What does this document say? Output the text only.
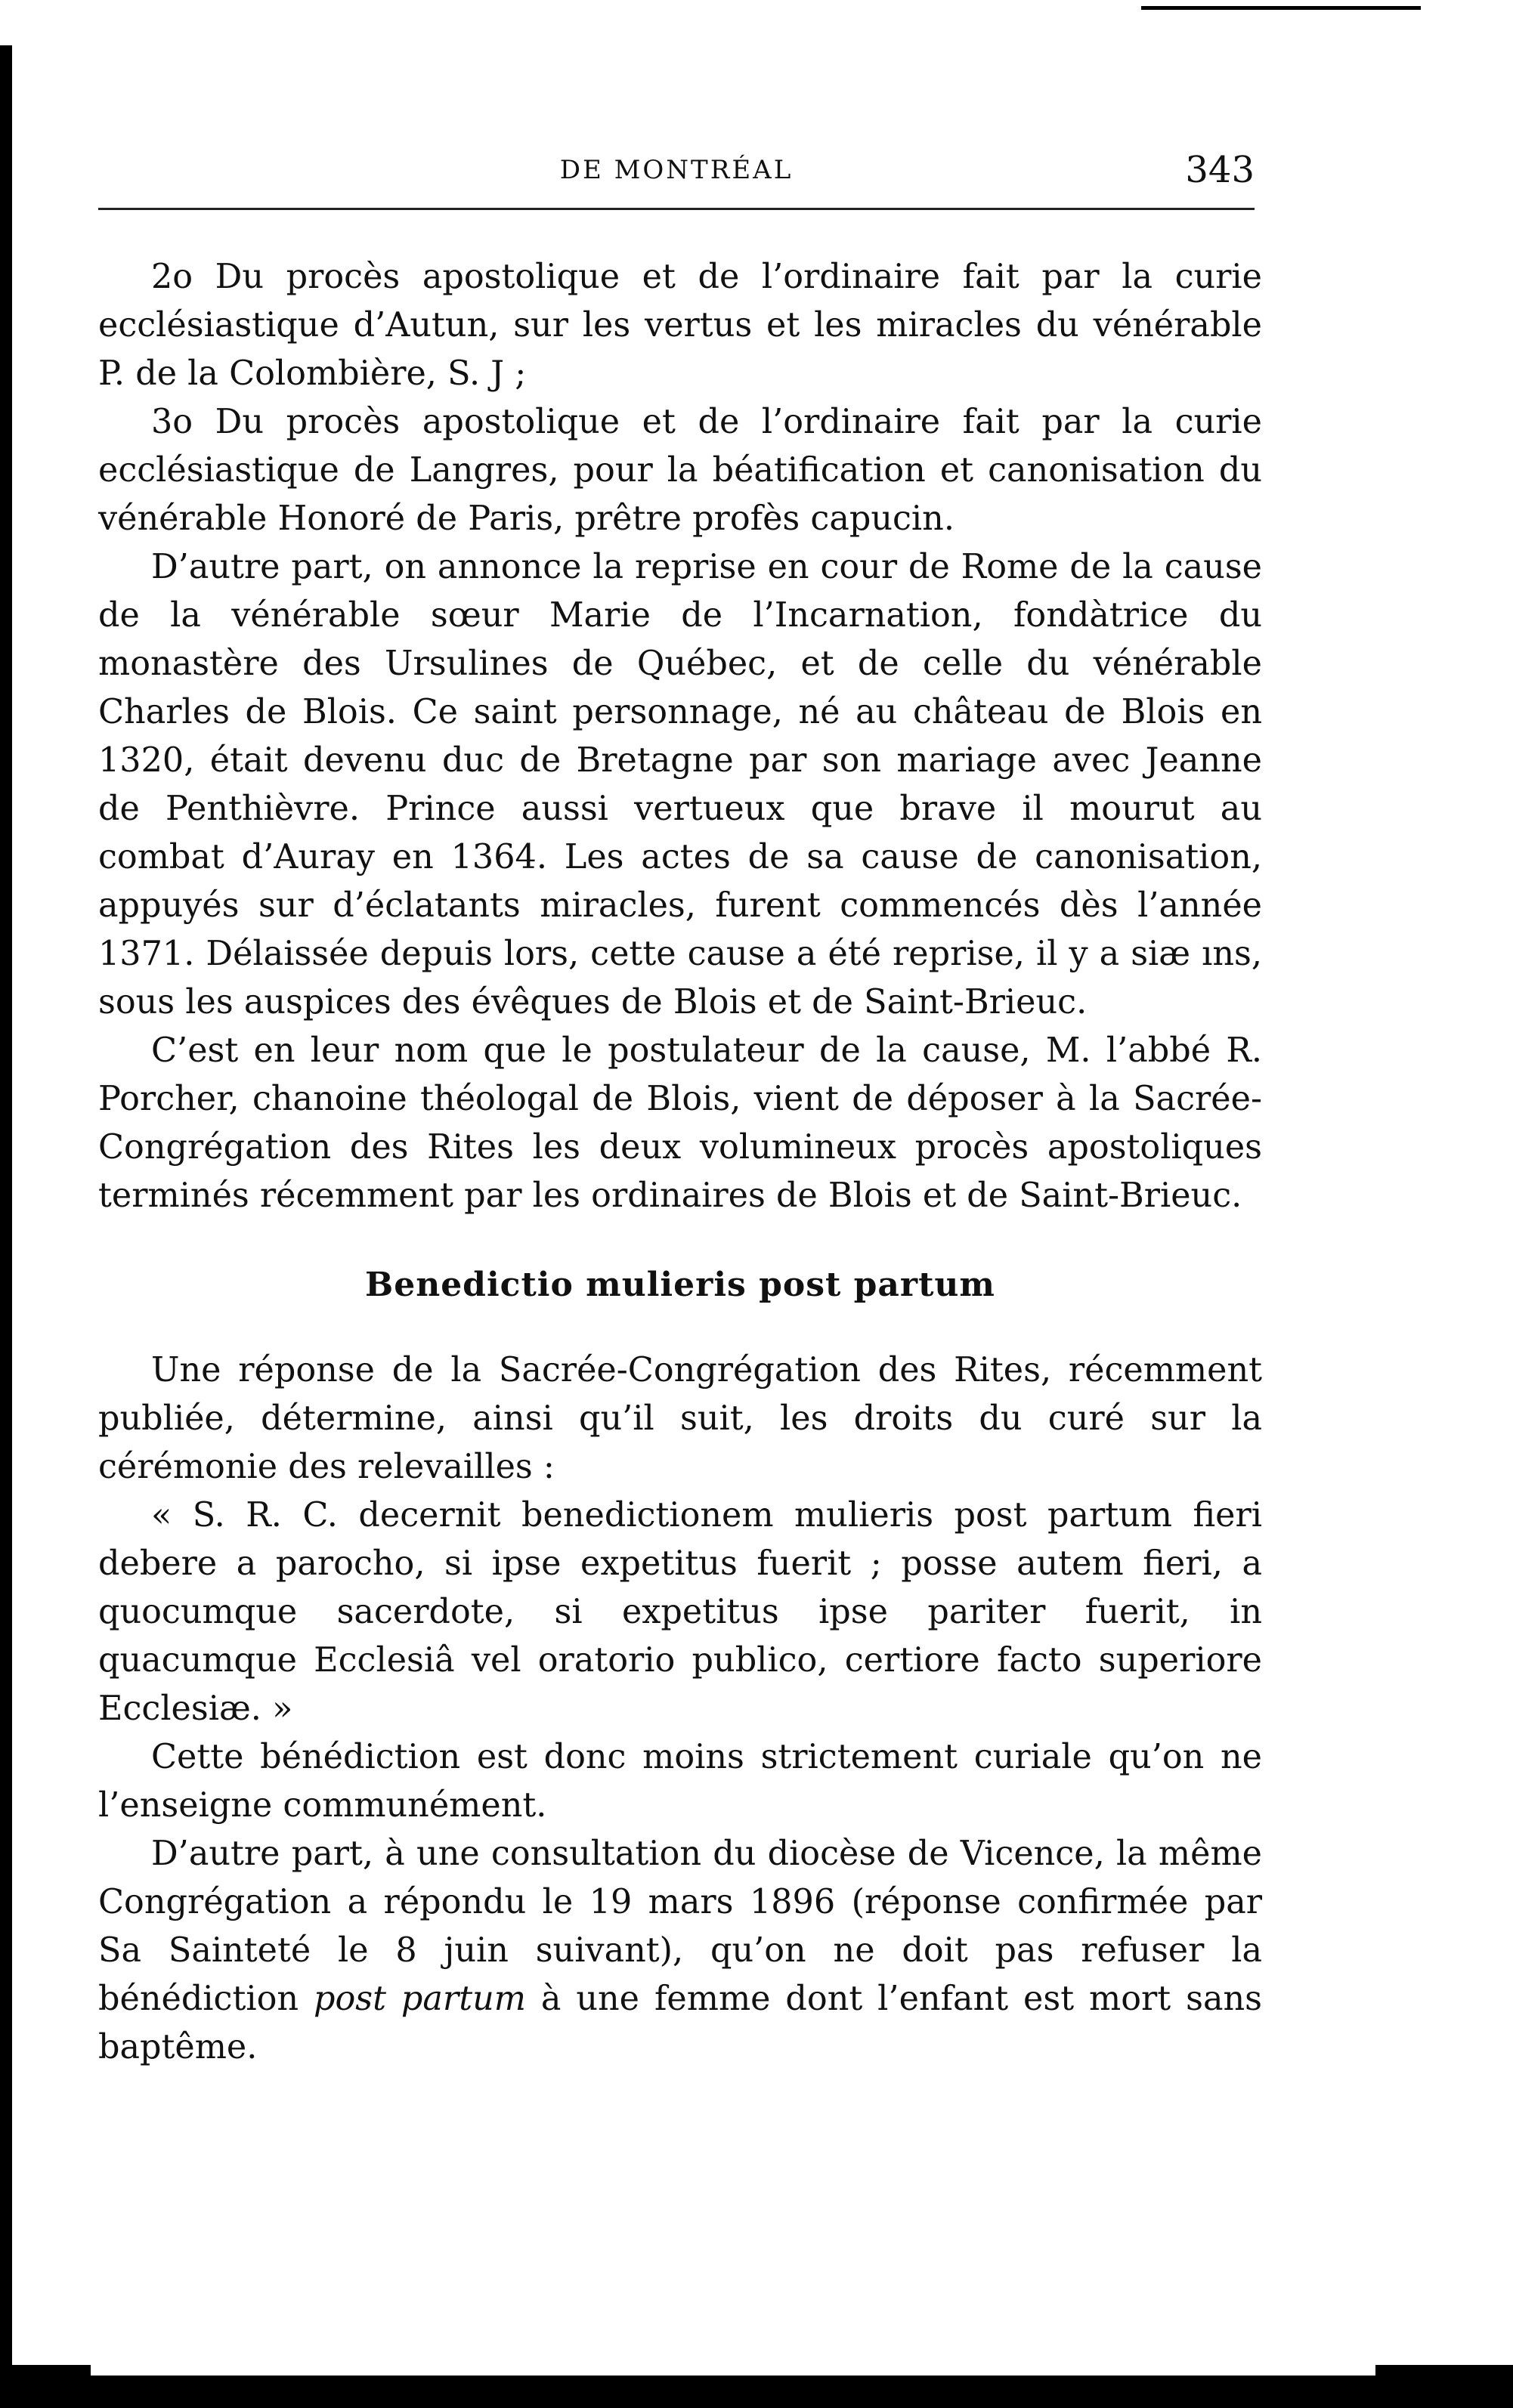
DE MONTRÉAL	343

2o Du procès apostolique et de l’ordinaire fait par la curie ecclésiastique d’Autun, sur les vertus et les miracles du vénérable P. de la Colombière, S. J ;

3o Du procès apostolique et de l’ordinaire fait par la curie ecclésiastique de Langres, pour la béatification et canonisation du vénérable Honoré de Paris, prêtre profès capucin.

D’autre part, on annonce la reprise en cour de Rome de la cause de la vénérable sœur Marie de l’Incarnation, fondàtrice du monastère des Ursulines de Québec, et de celle du vénérable Charles de Blois. Ce saint personnage, né au château de Blois en 1320, était devenu duc de Bretagne par son mariage avec Jeanne de Penthièvre. Prince aussi vertueux que brave il mourut au combat d’Auray en 1364. Les actes de sa cause de canonisation, appuyés sur d’éclatants miracles, furent commencés dès l’année 1371. Délaissée depuis lors, cette cause a été reprise, il y a siæ ıns, sous les auspices des évêques de Blois et de Saint-Brieuc.

C’est en leur nom que le postulateur de la cause, M. l’abbé R. Porcher, chanoine théologal de Blois, vient de déposer à la Sacrée-Congrégation des Rites les deux volumineux procès apostoliques terminés récemment par les ordinaires de Blois et de Saint-Brieuc.

Benedictio mulieris post partum

Une réponse de la Sacrée-Congrégation des Rites, récemment publiée, détermine, ainsi qu’il suit, les droits du curé sur la cérémonie des relevailles :

« S. R. C. decernit benedictionem mulieris post partum fieri debere a parocho, si ipse expetitus fuerit ; posse autem fieri, a quocumque sacerdote, si expetitus ipse pariter fuerit, in quacumque Ecclesiâ vel oratorio publico, certiore facto superiore Ecclesiæ. »

Cette bénédiction est donc moins strictement curiale qu’on ne l’enseigne communément.

D’autre part, à une consultation du diocèse de Vicence, la même Congrégation a répondu le 19 mars 1896 (réponse confirmée par Sa Sainteté le 8 juin suivant), qu’on ne doit pas refuser la bénédiction post partum à une femme dont l’enfant est mort sans baptême.
